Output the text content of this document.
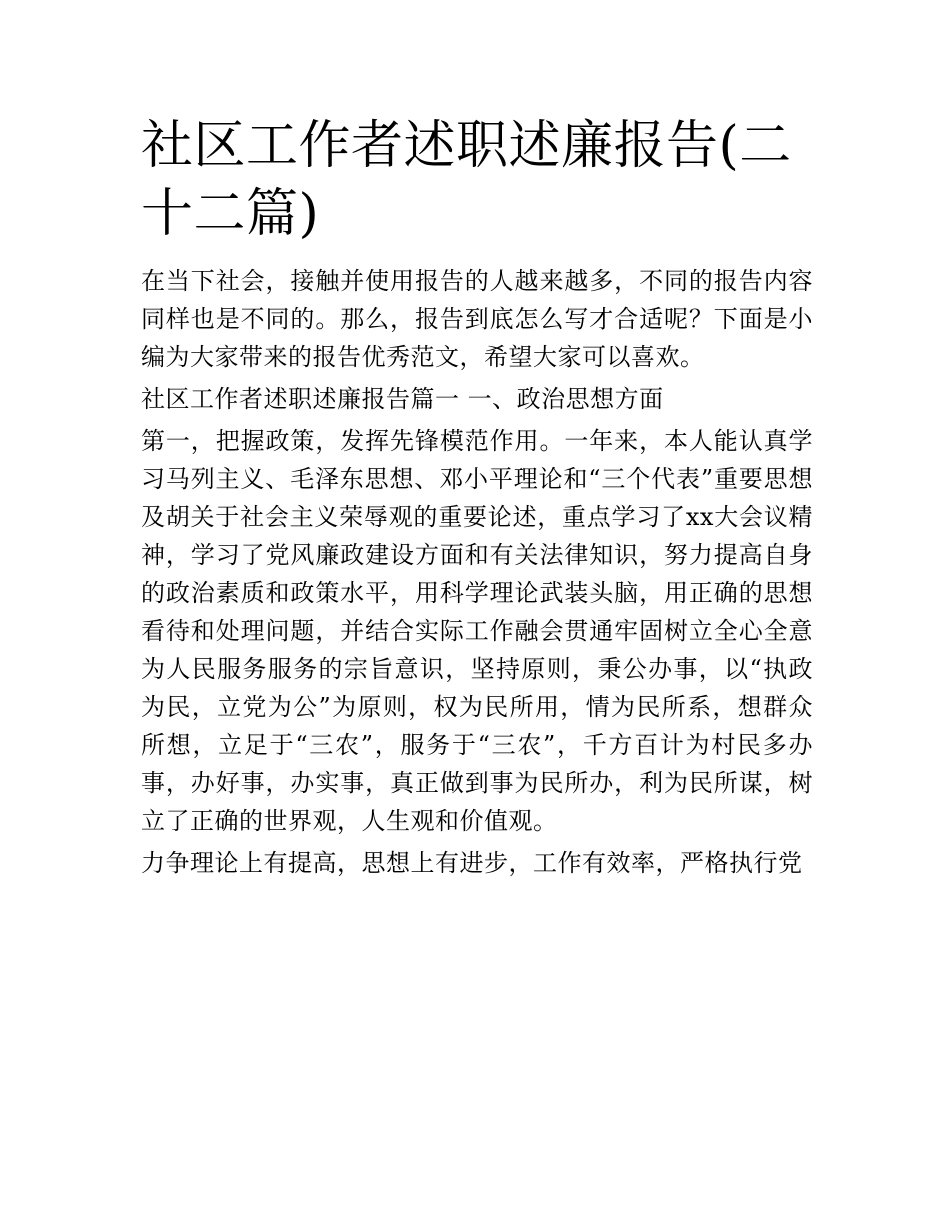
社区工作者述职述廉报告(二十二篇)

在当下社会，接触并使用报告的人越来越多，不同的报告内容同样也是不同的。那么，报告到底怎么写才合适呢？下面是小编为大家带来的报告优秀范文，希望大家可以喜欢。

社区工作者述职述廉报告篇一 一、政治思想方面

第一，把握政策，发挥先锋模范作用。一年来，本人能认真学习马列主义、毛泽东思想、邓小平理论和“三个代表”重要思想及胡关于社会主义荣辱观的重要论述，重点学习了xx大会议精神，学习了党风廉政建设方面和有关法律知识，努力提高自身的政治素质和政策水平，用科学理论武装头脑，用正确的思想看待和处理问题，并结合实际工作融会贯通牢固树立全心全意为人民服务服务的宗旨意识，坚持原则，秉公办事，以“执政为民，立党为公”为原则，权为民所用，情为民所系，想群众所想，立足于“三农”，服务于“三农”，千方百计为村民多办事，办好事，办实事，真正做到事为民所办，利为民所谋，树立了正确的世界观，人生观和价值观。

力争理论上有提高，思想上有进步，工作有效率，严格执行党
